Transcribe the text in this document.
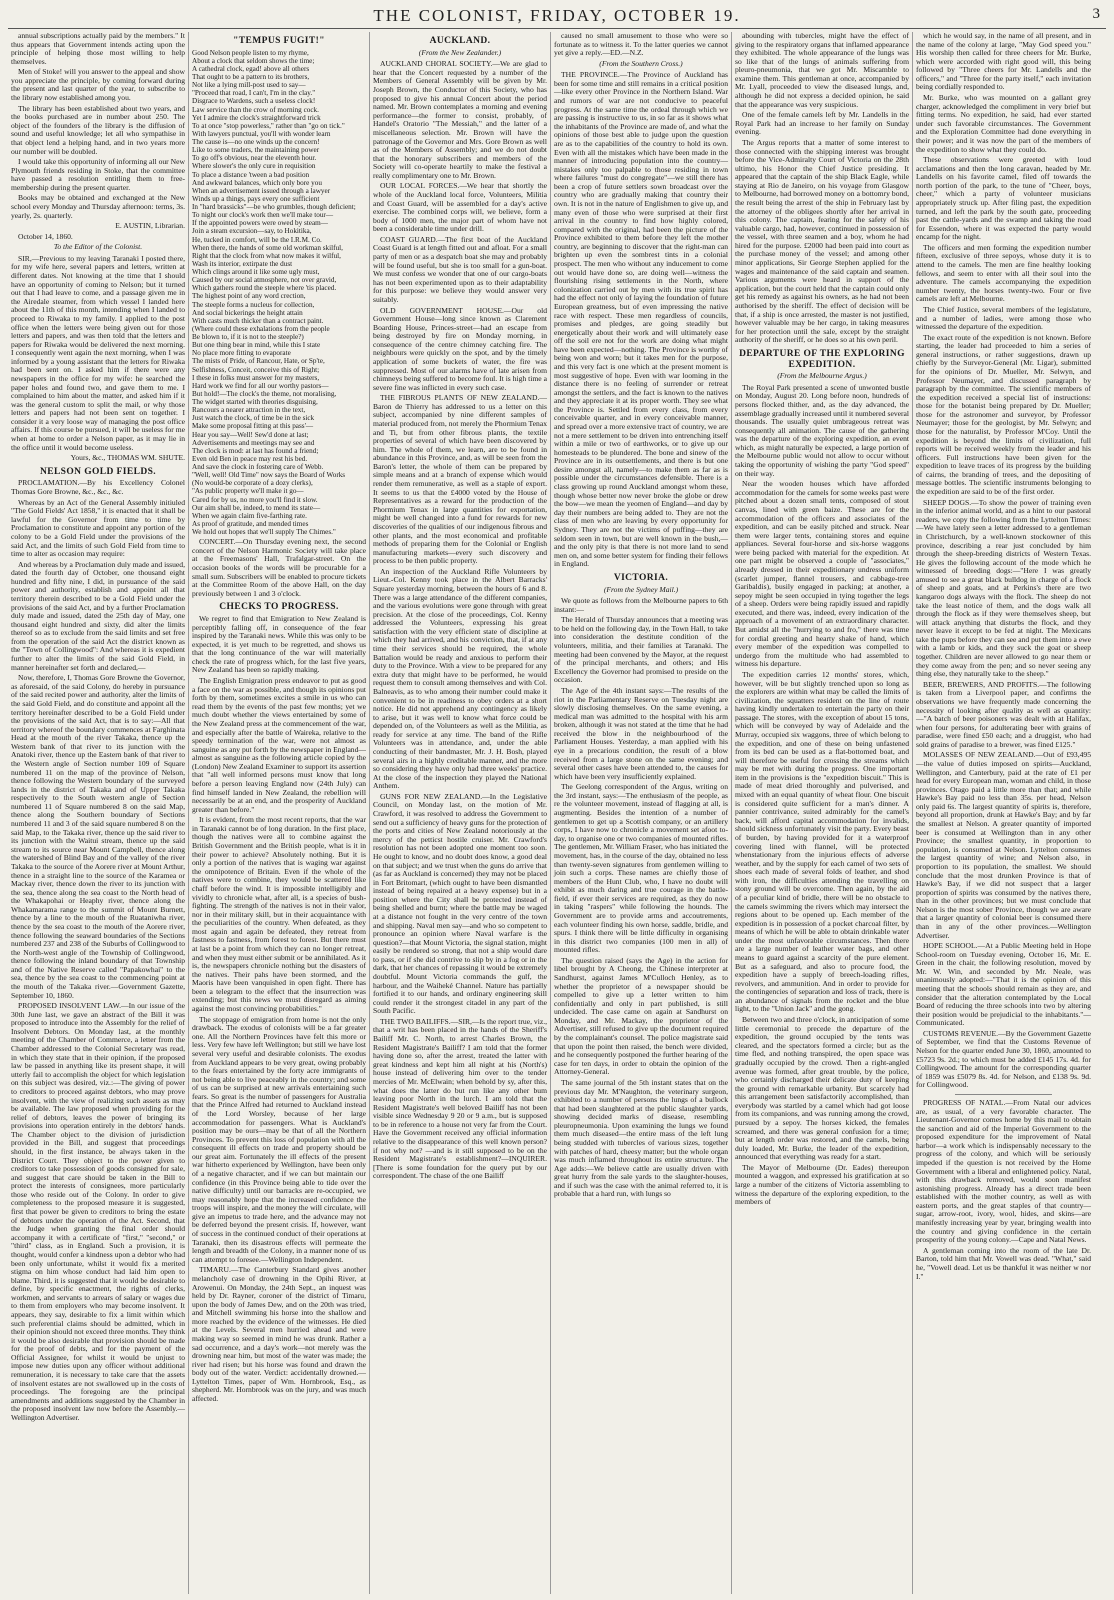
THE COLONIST, FRIDAY, OCTOBER 19.	3

annual subscriptions actually paid by the members." It thus appears that Government intends acting upon the principle of helping those most willing to help themselves.

Men of Stoke! will you answer to the appeal and show you appreciate the principle, by coming forward during the present and last quarter of the year, to subscribe to the library now established among you.

The library has been established about two years, and the books purchased are in number about 250. The object of the founders of the library is the diffusion of sound and useful knowledge; let all who sympathise in that object lend a helping hand, and in two years more our number will be doubled.

I would take this opportunity of informing all our New Plymouth friends residing in Stoke, that the committee have passed a resolution entitling them to free-membership during the present quarter.

Books may be obtained and exchanged at the New school every Monday and Thursday afternoon: terms, 3s. yearly, 2s. quarterly.

E. AUSTIN, Librarian.

October 14, 1860.

To the Editor of the Colonist.

SIR,—Previous to my leaving Taranaki I posted there, for my wife here, several papers and letters, written at different dates. Not knowing at the time that I should have an opportunity of coming to Nelson; but it turned out that I had leave to come, and a passage given me in the Airedale steamer, from which vessel I landed here about the 11th of this month, intending when I landed to proceed to Riwaka to my family. I applied to the post office when the letters were being given out for those letters and papers, and was then told that the letters and papers for Riwaka would be delivered the next morning. I consequently went again the next morning, when I was informed by a young assistant that the letters for Riwaka had been sent on. I asked him if there were any newspapers in the office for my wife: he searched the paper holes and found two, and gave them to me. I complained to him about the matter, and asked him if it was the general custom to split the mail, or why those letters and papers had not been sent on together. I consider it a very loose way of managing the post office affairs. If this course be pursued, it will be useless for me when at home to order a Nelson paper, as it may lie in the office until it would become useless.

Yours, &c., THOMAS WM. SHUTE.

NELSON GOLD FIELDS.

PROCLAMATION.—By his Excellency Colonel Thomas Gore Browne, &c., &c., &c.

Whereas by an Act of the General Assembly initiuled "The Gold Fields' Act 1858," it is enacted that it shall be lawful for the Governor from time to time by Proclamation to constitute and appoint any portion of the colony to be a Gold Field under the provisions of the said Act, and the limits of such Gold Field from time to time to alter as occasion may require:

And whereas by a Proclamation duly made and issued, dated the fourth day of October, one thousand eight hundred and fifty nine, I did, in pursuance of the said power and authority, establish and appoint all that territory therein described to be a Gold Field under the provisions of the said Act, and by a further Proclamation duly made and issued, dated the 25th day of May, one thousand eight hundred and sixty, did alter the limits thereof so as to exclude from the said limits and set free from the operation of the said Act the district known as the "Town of Collingwood": And whereas it is expedient further to alter the limits of the said Gold Field, in manner hereinafter set forth and declared,—

Now, therefore, I, Thomas Gore Browne the Governor, as aforesaid, of the said Colony, do hereby in pursuance of the said recited power and authority, alter the limits of the said Gold Field, and do constitute and appoint all the territory hereinafter described to be a Gold Field under the provisions of the said Act, that is to say:—All that territory whereof the boundary commences at Farghinata Head at the mouth of the river Takaka, thence up the Western bank of that river to its junction with the Anatoki river, thence up the Eastern bank of that river to the Western angle of Section number 109 of Square numbered 11 on the map of the province of Nelson, thence following the Western boundary of the surveyed lands in the district of Takaka and of Upper Takaka respectively to the South western angle of Section numbered 11 of Square numbered 8 on the said Map, thence along the Southern boundary of Sections numbered 11 and 3 of the said square numbered 8 on the said Map, to the Takaka river, thence up the said river to its junction with the Waitui stream, thence up the said stream to its source near Mount Campbell, thence along the watershed of Blind Bay and of the valley of the river Takaka to the source of the Aorere river at Mount Arthur, thence in a straight line to the source of the Karamea or Mackay river, thence down the river to its junction with the sea, thence along the sea coast to the North head of the Whakapohai or Heaphy river, thence along the Whakamarama range to the summit of Mount Burnett, thence by a line to the mouth of the Ruataniwha river, thence by the sea coast to the mouth of the Aorere river, thence following the seaward boundaries of the Sections numbered 237 and 238 of the Suburbs of Collingwood to the North-west angle of the Township of Collingwood, thence following the inland boundary of that Township and of the Native Reserve called "Papakowhai" to the sea, thence by the sea coast to the commencing point at the mouth of the Takaka river.—Government Gazette, September 10, 1860.

PROPOSED INSOLVENT LAW.—In our issue of the 30th June last, we gave an abstract of the Bill it was proposed to introduce into the Assembly for the relief of Insolvent Debtors. On Monday last, at the monthly meeting of the Chamber of Commerce, a letter from the Chamber addressed to the Colonial Secretary was read, in which they state that in their opinion, if the proposed law be passed in anything like its present shape, it will utterly fail to accomplish the object for which legislation on this subject was desired, viz.:—The giving of power to creditors to proceed against debtors, who may prove insolvent, with the view of realizing such assets as may be available. The law proposed when providing for the relief of debtors, leaves the power of bringing its provisions into operation entirely in the debtors' hands. The Chamber object to the division of jurisdiction provided in the Bill, and suggest that proceedings should, in the first instance, be always taken in the District Court. They object to the power given to creditors to take possession of goods consigned for sale, and suggest that care should be taken in the Bill to protect the interests of consignees, more particularly those who reside out of the Colony. In order to give completeness to the proposed measure it is suggested, first that power be given to creditors to bring the estate of debtors under the operation of the Act. Second, that the Judge when granting the final order should accompany it with a certificate of "first," "second," or "third" class, as in England. Such a provision, it is thought, would confer a kindness upon a debtor who had been only unfortunate, whilst it would fix a merited stigma on him whose conduct had laid him open to blame. Third, it is suggested that it would be desirable to define, by specific enactment, the rights of clerks, workmen, and servants to arrears of salary or wages due to them from employers who may become insolvent. It appears, they say, desirable to fix a limit within which such preferential claims should be admitted, which in their opinion should not exceed three months. They think it would be also desirable that provision should be made for the proof of debts, and for the payment of the Official Assignee, for whilst it would be unjust to impose new duties upon any officer without additional remuneration, it is necessary to take care that the assets of insolvent estates are not swallowed up in the costs of proceedings. The foregoing are the principal amendments and additions suggested by the Chamber in the proposed insolvent law now before the Assembly.—Wellington Advertiser.

"TEMPUS FUGIT!"

Good Nelson people listen to my rhyme,
About a clock that seldom shows the time;
A cathedral clock, egad! above all others
That ought to be a pattern to its brothers,
Not like a lying mill-post used to say—
"Proceed that road, I can't, I'm in the clay."
Disgrace to Wardens, such a useless clock!
Law service than the crow of morning cock.
Yet I admire the clock's straightforward trick
To at once "stop powerless," rather than "go on tick."
With lawyers punctual, you'll with wonder learn
The cause is—no one winds up the concern!
Like to some traders, the maintaining power
To go off's obvious, near the eleventh hour.
Where slower's the only cure in requisition
To place a distance 'tween a bad position
And awkward balances, which only bore you
When an advertisement issued through a lawyer
Winds up a things, pays every one sufficient
In "hard brassicks"—be who grumbles, though deficient;
To night our clock's work then we'll make tour—
If the appointed powers were owed by steam—
Join a steam excursion—say, to Hokitika,
He, tucked in comfort, will be the I.R.M. Co.
When there, the hands of some old workman skilful,
Right that the clock from what now makes it wilful,
Wash its interior, extirpate the dust
Which clings around it like some ugly must,
Caused by our social atmosphere, not over gravid,
Which gathers round the steeple where 'tis placed.
The highest point of any word crection,
The steeple forms a nucleus for collection,
And social bickerings the height attain
With casts much thicker than a contract paint.
(Where could these exhalations from the people
Be blown to, if it is not to the steeple?)
But one thing bear in mind, while this I state
No place more fitting to evaporate
The mists of Pride, of Rancour, Hate, or Sp'te,
Selfishness, Conceit, conceive this of Right;
I these in folks must answer for my masters,
Hard work we find for all our worthy pastors—
But hold!—The clock's the theme, not moralising,
The widget started with theories disguising,
Rancours a nearer attraction in the text,
Just watch the clock, of time be in the sick
Make some proposal fitting at this pass'—
Hear you say—Well! Sew'd done at last;
Advertisements and meetings may see and
The clock is mod: at last has found a friend;
Even old Ben in peace may rest his bed.
And save the clock in fostering care of Webb.
"Well, well! Old Time" now says the Board of Works
(No would-be corporate of a dozy clerks),
"As public property we'll make it go—
Cared for by us, no more you'll find it slow.
Our aim shall be, indeed, to mend its state—
When we again claim five-farthing rate.
As proof of gratitude, and mended times
We hold out hopes that we'll supply The Chimes."

CONCERT.—On Thursday evening next, the second concert of the Nelson Harmonic Society will take place at the Freemasons' Hall, Trafalgar-street. On the occasion books of the words will be procurable for a small sum. Subscribers will be enabled to procure tickets at the Committee Room of the above Hall, on the day previously between 1 and 3 o'clock.

CHECKS TO PROGRESS.

We regret to find that Emigration to New Zealand is perceptibly falling off, in consequence of the fear inspired by the Taranaki news. While this was only to be expected, it is yet much to be regretted, and shows us that the long continuance of the war will materially check the rate of progress which, for the last five years, New Zealand has been so rapidly making.

The English Emigration press endeavor to put as good a face on the war as possible, and though its opinions put forth by them, sometimes excites a smile in us who can read them by the events of the past few months; yet we much doubt whether the views entertained by some of the New Zealand press at the commencement of the war, and especially after the battle of Waireka, relative to the speedy termination of the war, were not almost as sanguine as any put forth by the newspaper in England—almost as sanguine as the following article copied by the (London) New Zealand Examiner to support its assertion that "all well informed persons must know that long before a person leaving England now (24th July) can find himself landed in New Zealand, the rebellion will necessarily be at an end, and the prosperity of Auckland greater than before."

It is evident, from the most recent reports, that the war in Taranaki cannot be of long duration. In the first place, though the natives were all to combine against the British Government and the British people, what is it in their power to achieve? Absolutely nothing. But it is only a portion of the natives that is waging war against the omnipotence of Britain. Even if the whole of the natives were to combine, they would be scattered like chaff before the wind. It is impossible intelligibly and vividly to chronicle what, after all, is a species of bush-fighting. The strength of the natives is not in their valor, nor in their military skill, but in their acquaintance with the peculiarities of the country. When defeated, as they most again and again be defeated, they retreat from fastness to fastness, from forest to forest. But there must at last be a point from which they can no longer retreat, and when they must either submit or be annihilated. As it is, the newspapers chronicle nothing but the disasters of the natives. Their pahs have been stormed, and the Maoris have been vanquished in open fight. There has been a telegram to the effect that the insurrection was extending; but this news we must disregard as aiming against the most convincing probabilities."

The stoppage of emigration from home is not the only drawback. The exodus of colonists will be a far greater one. All the Northern Provinces have felt this more or less. Very few have left Wellington; but still we have lost several very useful and desirable colonists. The exodus from Auckland appears to be very great, owing probably to the fears entertained by the forty acre immigrants of not being able to live peaceably in the country; and some of us can be surprised at new arrivals entertaining such fears. So great is the number of passengers for Australia that the Prince Alfred had returned to Auckland instead of the Lord Worsley, because of her large accommodation for passengers. What is Auckland's position may be ours—may be that of all the Northern Provinces. To prevent this loss of population with all the consequent ill effects on trade and property should be our great aim. Fortunately the ill effects of the present war hitherto experienced by Wellington, have been only of a negative character, and if we can but maintain our confidence (in this Province being able to tide over the native difficulty) until our barracks are re-occupied, we may reasonably hope that the increased confidence the troops will inspire, and the money the will circulate, will give an impetus to trade here, and the advance may not be deferred beyond the present crisis. If, however, want of success in the continued conduct of their operations at Taranaki, then its disastrous effects will permeate the length and breadth of the Colony, in a manner none of us can attempt to foresee.—Wellington Independent.

TIMARU.—The Canterbury Standard gives another melancholy case of drowning in the Opihi River, at Arowenui. On Monday, the 24th Sept., an inquest was held by Dr. Rayner, coroner of the district of Timaru, upon the body of James Dew, and on the 20th was tried, and Mitchell swimming his horse into the shallow and more reached by the evidence of the witnesses. He died at the Levels. Several men hurried ahead and were making way so seemed in mind he was drunk. Rather a sad occurrence, and a day's work—not merely was the drowning near him, but most of the water was made; the river had risen; but his horse was found and drawn the body out of the water. Verdict: accidentally drowned.—Lyttelton Times, paper of Wm. Hornbrook, Esq., as shepherd. Mr. Hornbrook was on the jury, and was much affected.

AUCKLAND.
(From the New Zealander.)

AUCKLAND CHORAL SOCIETY.—We are glad to hear that the Concert requested by a number of the Members of General Assembly will be given by Mr. Joseph Brown, the Conductor of this Society, who has proposed to give his annual Concert about the period named. Mr. Brown contemplates a morning and evening performance—the former to consist, probably, of Handel's Oratorio "The Messiah," and the latter of a miscellaneous selection. Mr. Brown will have the patronage of the Governor and Mrs. Gore Brown as well as of the Members of Assembly; and we do not doubt that the honorary subscribers and members of the Society will co-operate heartily to make the festival a really complimentary one to Mr. Brown.

OUR LOCAL FORCES.—We hear that shortly the whole of the Auckland local force, Volunteers, Militia and Coast Guard, will be assembled for a day's active exercise. The combined corps will, we believe, form a body of 1000 men, the major part of whom have not been a considerable time under drill.

COAST GUARD.—The first boat of the Auckland Coast Guard is at length fitted out and afloat. For a small party of men or as a despatch boat she may and probably will be found useful, but she is too small for a gun-boat. We must confess we wonder that one of our cargo-boats has not been experimented upon as to their adaptability for this purpose: we believe they would answer very suitably.

OLD GOVERNMENT HOUSE.—Our old Government House—long since known as Clarement Boarding House, Princes-street—had an escape from being destroyed by fire on Monday morning, in consequence of the centre chimney catching fire. The neighbours were quickly on the spot, and by the timely application of some buckets of water, the fire was suppressed. Most of our alarms have of late arisen from chimneys being suffered to become foul. It is high time a severe fine was inflicted in every such case.

THE FIBROUS PLANTS OF NEW ZEALAND.—Baron de Thierry has addressed to us a letter on this subject, accompanied by nine different samples of material produced from, not merely the Phormium Tenax and Ti, but from other fibrous plants, the textile properties of several of which have been discovered by him. The whole of them, we learn, are to be found in abundance in this Province, and, as will be seen from the Baron's letter, the whole of them can be prepared by simple means and at a branch of expense which would render them remunerative, as well as a staple of export. It seems to us that the £4000 voted by the House of Representatives as a reward for the production of the Phormium Tenax in large quantities for exportation, might be well changed into a fund for rewards for new discoveries of the qualities of our indigenous fibrous and other plants, and the most economical and profitable methods of preparing them for the Colonial or English manufacturing markets—every such discovery and process to be then public property.

An inspection of the Auckland Rifle Volunteers by Lieut.-Col. Kenny took place in the Albert Barracks' Square yesterday morning, between the hours of 6 and 8. There was a large attendance of the different companies, and the various evolutions were gone through with great precision. At the close of the proceedings, Col. Kenny addressed the Volunteers, expressing his great satisfaction with the very efficient state of discipline at which they had arrived, and his conviction, that, if at any time their services should be required, the whole Battalion would be ready and anxious to perform their duty to the Province. With a view to be prepared for any extra duty that might have to be performed, he would request them to consult among themselves and with Col. Balneavis, as to who among their number could make it convenient to be in readiness to obey orders at a short notice. He did not apprehend any contingency as likely to arise, but it was well to know what force could be depended on, of the Volunteers as well as the Militia, as ready for service at any time. The band of the Rifle Volunteers was in attendance, and, under the able conducting of their bandmaster, Mr. J. H. Bosh, played several airs in a highly creditable manner, and the more so considering they have only had three weeks' practice. At the close of the inspection they played the National Anthem.

GUNS FOR NEW ZEALAND.—In the Legislative Council, on Monday last, on the motion of Mr. Crawford, it was resolved to address the Government to send out a sufficiency of heavy guns for the protection of the ports and cities of New Zealand notoriously at the mercy of the petticst hostile cruiser. Mr. Crawford's resolution has not been adopted one moment too soon. He ought to know, and no doubt does know, a good deal on that subject; and we trust when the guns do arrive that (as far as Auckland is concerned) they may not be placed in Fort Britomart, (which ought to have been dismantled instead of being repaired at a heavy expense) but in a position where the City shall be protected instead of being shelled and burnt; where the battle may be waged at a distance not fought in the very centre of the town and shipping. Naval men say—and who so competent to pronounce an opinion where Naval warfare is the question?—that Mount Victoria, the signal station, might easily be rendered so strong, that not a ship would dare to pass, or if she did contrive to slip by in a fog or in the dark, that her chances of repassing it would be extremely doubtful. Mount Victoria commands the gulf, the harbour, and the Waiheké Channel. Nature has partially fortified it to our hands, and ordinary engineering skill could render it the strongest citadel in any part of the South Pacific.

THE TWO BAILIFFS.—SIR,—Is the report true, viz., that a writ has been placed in the hands of the Sheriff's Bailiff Mr. C. North, to arrest Charles Brown, the Resident Magistrate's Bailiff? I am told that the former having done so, after the arrest, treated the latter with great kindness and kept him all night at his (North's) house instead of delivering him over to the tender mercies of Mr. McElwain; when behold by sy, after this, what does the latter do but run like any other bum leaving poor North in the lurch. I am told that the Resident Magistrate's well beloved Bailiff has not been visible since Wednesday 9 20 or 9 a.m., but is supposed to be in reference to a house not very far from the Court. Have the Government received any official information relative to the disappearance of this well known person? if not why not? —and is it still supposed to be on the Resident Magistrate's establishment?—INQUIRER. [There is some foundation for the query put by our correspondent. The chase of the one Bailiff

caused no small amusement to those who were so fortunate as to witness it. To the latter queries we cannot yet give a reply.—ED.—N.Z.

(From the Southern Cross.)

THE PROVINCE.—The Province of Auckland has been for some time and still remains in a critical position—like every other Province in the Northern Island. War and rumors of war are not conducive to peaceful progress. At the same time the ordeal through which we are passing is instructive to us, in so far as it shows what the inhabitants of the Province are made of, and what the opinions of those best able to judge upon the question are as to the capabilities of the country to hold its own. Even with all the mistakes which have been made in the manner of introducing population into the country—mistakes only too palpable to those residing in town where failures "must do congregate"—we still there has been a crop of future settlers sown broadcast over the country who are gradually making that country their own. It is not in the nature of Englishmen to give up, and many even of those who were surprised at their first arrival in the country to find how highly colored, compared with the original, had been the picture of the Province exhibited to them before they left the mother country, are beginning to discover that the right-man can brighten up even the sombrest tints in a colonial prospect. The men who without any inducement to come out would have done so, are doing well—witness the flourishing rising settlements in the North, where colonization carried out by men with its true spirit has had the effect not only of laying the foundation of future European greatness, but of even impressing the native race with respect. These men regardless of councils, promises and pledges, are going steadily but energetically about their work and will ultimately ease off the soil ere not for the work are doing what might have been expected—nothing. The Province is worthy of being won and worn; but it takes men for the purpose, and this very fact is one which at the present moment is most suggestive of hope. Even with war looming in the distance there is no feeling of surrender or retreat amongst the settlers, and the fact is known to the natives and they appreciate it at its proper worth. They see what the Province is. Settled from every class, from every conceivable quarter, and in every conceivable manner, and spread over a more extensive tract of country, we are not a mere settlement to be driven into entrenching itself within a mile or two of earthworks, or to give up our homesteads to be plundered. The bone and sinew of the Province are in its outsettlements, and there is but one desire amongst all, namely—to make them as far as is possible under the circumstances defensible. There is a class growing up round Auckland amongst whom these, though whose better now never broke the globe or drew the bow—we mean the yeomen of England—and day by day their numbers are being added to. They are not the class of men who are leaving by every opportunity for Sydney. They are not the victims of puffing—they are seldom seen in town, but are well known in the bush,—and the only pity is that there is not more land to send men on, and some better system for finding their fellows in England.

VICTORIA.
(From the Sydney Mail.)

We quote as follows from the Melbourne papers to 6th instant:—

The Herald of Thursday announces that a meeting was to be held on the following day, in the Town Hall, to take into consideration the destitute condition of the volunteers, militia, and their families at Taranaki. The meeting had been convened by the Mayor, at the request of the principal merchants, and others; and His Excellency the Governor had promised to preside on the occasion.

The Age of the 4th instant says:—The results of the riot in the Parliamentary Reserve on Tuesday night are slowly disclosing themselves. On the same evening, a medical man was admitted to the hospital with his arm broken, although it was not stated at the time that he had received the blow in the neighbourhood of the Parliament Houses. Yesterday, a man applied with his eye in a precarious condition, the result of a blow received from a large stone on the same evening; and several other cases have been attended to, the causes for which have been very insufficiently explained.

The Geelong correspondent of the Argus, writing on the 3rd instant, says:—The enthusiasm of the people, as re the volunteer movement, instead of flagging at all, is augmenting. Besides the intention of a number of gentlemen to get up a Scottish company, or an artillery corps, I have now to chronicle a movement set afoot to-day, to organise one or two companies of mounted rifles. The gentlemen, Mr. William Fraser, who has initiated the movement, has, in the course of the day, obtained no less than twenty-seven signatures from gentlemen willing to join such a corps. These names are chiefly those of members of the Hunt Club, who, I have no doubt will exhibit as much daring and true courage in the battle-field, if ever their services are required, as they do now in taking "raspers" while following the hounds. The Government are to provide arms and accoutrements, each volunteer finding his own horse, saddle, bridle, and spurs. I think there will be little difficulty in organising in this district two companies (100 men in all) of mounted rifles.

The question raised (says the Age) in the action for libel brought by A Cheong, the Chinese interpreter at Sandhurst, against James M'Culloch Henley, as to whether the proprietor of a newspaper should be compelled to give up a letter written to him confidentially and only in part published, is still undecided. The case came on again at Sandhurst on Monday, and Mr. Mackay, the proprietor of the Advertiser, still refused to give up the document required by the complainant's counsel. The police magistrate said that upon the point then raised, the bench were divided, and he consequently postponed the further hearing of the case for ten days, in order to obtain the opinion of the Attorney-General.

The same journal of the 5th instant states that on the previous day Mr. M'Naughton, the veterinary surgeon, exhibited to a number of persons the lungs of a bullock that had been slaughtered at the public slaughter yards, showing decided marks of disease, resembling pleuropneumonia. Upon examining the lungs we found them much diseased—the entire mass of the left lung being studded with tubercles of various sizes, together with patches of hard, cheesy matter; but the whole organ was much inflamed throughout its entire structure. The Age adds:—We believe cattle are usually driven with great hurry from the sale yards to the slaughter-houses, and if such was the case with the animal referred to, it is probable that a hard run, with lungs so

abounding with tubercles, might have the effect of giving to the respiratory organs that inflamed appearance they exhibited. The whole appearance of the lungs was so like that of the lungs of animals suffering from pleuro-pneumonia, that we got Mr. Miscamble to examine them. This gentleman at once, accompanied by Mr. Lyall, proceeded to view the diseased lungs, and, although he did not express a decided opinion, he said that the appearance was very suspicious.

One of the female camels left by Mr. Landells in the Royal Park had an increase to her family on Sunday evening.

The Argus reports that a matter of some interest to those connected with the shipping interest was brought before the Vice-Admiralty Court of Victoria on the 28th ultimo, his Honor the Chief Justice presiding. It appeared that the captain of the ship Black Eagle, while staying at Rio de Janeiro, on his voyage from Glasgow to Melbourne, had borrowed money on a bottomry bond, the result being the arrest of the ship in February last by the attorney of the obligees shortly after her arrival in this colony. The captain, fearing for the safety of his valuable cargo, had, however, continued in possession of the vessel, with three seamen and a boy, whom he had hired for the purpose. £2000 had been paid into court as the purchase money of the vessel; and among other minor applications, Sir George Stephen applied for the wages and maintenance of the said captain and seamen. Various arguments were heard in support of the application, but the court held that the captain could only get his remedy as against his owners, as he had not been authorised by the sheriff. The effect of decision will be that, if a ship is once arrested, the master is not justified, however valuable may be her cargo, in taking measures for her protection until the sale, except by the straight authority of the sheriff, or he does so at his own peril.

DEPARTURE OF THE EXPLORING EXPEDITION.
(From the Melbourne Argus.)

The Royal Park presented a scene of unwonted bustle on Monday, August 20. Long before noon, hundreds of persons flocked thither, and, as the day advanced, the assemblage gradually increased until it numbered several thousands. The usually quiet umbrageous retreat was consequently all animation. The cause of the gathering was the departure of the exploring expedition, an event which, as might naturally be expected, a large portion of the Melbourne public would not allow to occur without taking the opportunity of wishing the party "God speed" on their way.

Near the wooden houses which have afforded accommodation for the camels for some weeks past were pitched about a dozen small tents, composed of stout canvas, lined with green baize. These are for the accommodation of the officers and associates of the expedition, and can be easily pitched and struck. Near them were larger tents, containing stores and equine appliances. Several four-horse and six-horse waggons were being packed with material for the expedition. At one part might be observed a couple of "associates," already dressed in their expeditionary undress uniform (scarlet jumper, flannel trousers, and cabbage-tree Garibaldis), busily engaged in packing; at another, a sepoy might be seen occupied in tying together the legs of a sheep. Orders were being rapidly issued and rapidly executed, and there was, indeed, every indication of the approach of a movement of an extraordinary character. But amidst all the "hurrying to and fro," there was time for cordial greeting and hearty shake of hand, which every member of the expedition was compelled to undergo from the multitude who had assembled to witness his departure.

The expedition carries 12 months' stores, which, however, will be but slightly trenched upon so long as the explorers are within what may be called the limits of civilization, the squatters resident on the line of route having kindly undertaken to entertain the party on their passage. The stores, with the exception of about 15 tons, which will be conveyed by way of Adelaide and the Murray, occupied six waggons, three of which belong to the expedition, and one of these on being unfastened from its bed can be used as a flat-bottomed boat, and will therefore be useful for crossing the streams which may be met with during the progress. One important item in the provisions is the "expedition biscuit." This is made of meat dried thoroughly and pulverised, and mixed with an equal quantity of wheat flour. One biscuit is considered quite sufficient for a man's dinner. A pannier contrivance, suited admirably for the camel's back, will afford capital accommodation for invalids, should sickness unfortunately visit the party. Every beast of burden, by having provided for it a waterproof covering lined with flannel, will be protected whenstationary from the injurious effects of adverse weather, and by the supply for each camel of two sets of shoes each made of several folds of leather, and shod with iron, the difficulties attending the travelling on stony ground will be overcome. Then again, by the aid of a peculiar kind of bridle, there will be no obstacle to the camels swimming the rivers which may intersect the regions about to be opened up. Each member of the expedition is in possession of a pocket charcoal filter, by means of which he will be able to obtain drinkable water under the most unfavorable circumstances. Then there are a large number of leather water bags, and other means to guard against a scarcity of the pure element. But as a safeguard, and also to procure food, the expedition have a supply of breech-loading rifles, revolvers, and ammunition. And in order to provide for the contingencies of separation and loss of track, there is an abundance of signals from the rocket and the blue light, to the "Union Jack" and the gong.

Between two and three o'clock, in anticipation of some little ceremonial to precede the departure of the expedition, the ground occupied by the tents was cleared, and the spectators formed a circle; but as the time fled, and nothing transpired, the open space was gradually occupied by the crowd. Then a right-angled avenue was formed, after great trouble, by the police, who certainly discharged their delicate duty of keeping the ground with remarkable urbanity. But scarcely had this arrangement been satisfactorily accomplished, than everybody was startled by a camel which had got loose from its companions, and was running among the crowd, pursued by a sepoy. The horses kicked, the females screamed, and there was general confusion for a time; but at length order was restored, and the camels, being duly loaded, Mr. Burke, the leader of the expedition, announced that everything was ready for a start.

The Mayor of Melbourne (Dr. Eades) thereupon mounted a waggon, and expressed his gratification at so large a number of the citizens of Victoria assembling to witness the departure of the exploring expedition, to the members of

which he would say, in the name of all present, and in the name of the colony at large, "May God speed you." His worship then called for three cheers for Mr. Burke, which were accorded with right good will, this being followed by "Three cheers for Mr. Landells and the officers," and "Three for the party itself," each invitation being cordially responded to.

Mr. Burke, who was mounted on a gallant grey charger, acknowledged the compliment in very brief but fitting terms. No expedition, he said, had ever started under such favorable circumstances. The Government and the Exploration Committee had done everything in their power; and it was now the part of the members of the expedition to show what they could do.

These observations were greeted with loud acclamations and then the long caravan, headed by Mr. Landells on his favorite camel, filed off towards the north portion of the park, to the tune of "Cheer, boys, cheer," which a party of volunteer musicians appropriately struck up. After filing past, the expedition turned, and left the park by the south gate, proceeding past the cattle-yards and the swamp and taking the road for Essendon, where it was expected the party would encamp for the night.

The officers and men forming the expedition number fifteen, exclusive of three sepoys, whose duty it is to attend to the camels. The men are fine healthy looking fellows, and seem to enter with all their soul into the adventure. The camels accompanying the expedition number twenty, the horses twenty-two. Four or five camels are left at Melbourne.

The Chief Justice, several members of the legislature, and a number of ladies, were among those who witnessed the departure of the expedition.

The exact route of the expedition is not known. Before starting, the leader had proceeded to him a series of general instructions, or rather suggestions, drawn up chiefly by the Surveyor-General (Mr. Ligar), submitted for the opinions of Dr. Mueller, Mr. Selwyn, and Professor Neumayer, and discussed paragraph by paragraph by the committee. The scientific members of the expedition received a special list of instructions: those for the botanist being prepared by Dr. Mueller; those for the astronomer and surveyor, by Professor Neumayer; those for the geologist, by Mr. Selwyn; and those for the naturalist, by Professor M'Coy. Until the expedition is beyond the limits of civilization, full reports will be received weekly from the leader and his officers. Full instructions have been given for the expedition to leave traces of its progress by the building of cairns, the branding of trees, and the depositing of message bottles. The scientific instruments belonging to the expedition are said to be of the first order.

SHEEP DOGS.—To show the power of training even in the inferior animal world, and as a hint to our pastoral readers, we copy the following from the Lyttelton Times:—We have lately seen a letter addressed to a gentleman in Christchurch, by a well-known stockowner of this province, describing a rear just concluded by him through the sheep-breeding districts of Western Texas. He gives the following account of the mode which he witnessed of breeding dogs:—"Here I was greatly amused to see a great black bulldog in charge of a flock of sheep and goats, and at Perkins's there are two kangaroo dogs always with the flock. The sheep do not take the least notice of them, and the dogs walk all through the flock as if they were themselves sheep, but will attack anything that disturbs the flock, and they never leave it except to be fed at night. The Mexicans take the pups before they can see and put them into a ewe with a lamb or kids, and they suck the goat or sheep together. Children are never allowed to go near them or they come away from the pen; and so never seeing any thing else, they naturally take to the sheep."

BEER, BREWERS, AND PROFITS.—The following is taken from a Liverpool paper, and confirms the observations we have frequently made concerning the necessity of looking after quality as well as quantity:—"A batch of beer poisoners was dealt with at Halifax, when four persons, for adulterating beer with grains of paradise, were fined £50 each; and a druggist, who had sold grains of paradise to a brewer, was fined £125."

MOLASSES OF NEW ZEALAND.—Out of £93,495—the value of duties imposed on spirits—Auckland, Wellington, and Canterbury, paid at the rate of £1 per head for every European man, woman and child, in those provinces. Otago paid a little more than that; and while Hawke's Bay paid no less than 35s. per head, Nelson only paid 6s. The largest quantity of spirits is, therefore, beyond all proportion, drunk at Hawke's Bay; and by far the smallest at Nelson. A greater quantity of imported beer is consumed at Wellington than in any other Province; the smallest quantity, in proportion to population, is consumed at Nelson. Lyttelton consumes the largest quantity of wine; and Nelson also, in proportion to its population, the smallest. We should conclude that the most drunken Province is that of Hawke's Bay, if we did not suspect that a larger proportion of spirits was consumed by the natives there, than in the other provinces; but we must conclude that Nelson is the most sober Province, though we are aware that a larger quantity of colonial beer is consumed there than in any of the other provinces.—Wellington Advertiser.

HOPE SCHOOL.—At a Public Meeting held in Hope School-room on Tuesday evening, October 16, Mr. E. Green in the chair, the following resolution, moved by Mr. W. Win, and seconded by Mr. Neale, was unanimously adopted:—"That it is the opinion of this meeting that the schools should remain as they are, and consider that the alteration contemplated by the Local Board of reducing the three schools into two by altering their position would be prejudicial to the inhabitants."—Communicated.

CUSTOMS REVENUE.—By the Government Gazette of September, we find that the Customs Revenue of Nelson for the quarter ended June 30, 1860, amounted to £5723 9s. 2d.; to which must be added £145 17s. 4d. for Collingwood. The amount for the corresponding quarter of 1859 was £5079 8s. 4d. for Nelson, and £138 9s. 9d. for Collingwood.

PROGRESS OF NATAL.—From Natal our advices are, as usual, of a very favorable character. The Lieutenant-Governor comes home by this mail to obtain the sanction and aid of the Imperial Government to the proposed expenditure for the improvement of Natal harbor—a work which is indispensably necessary to the progress of the colony, and which will be seriously impeded if the question is not received by the Home Government with a liberal and enlightened policy. Natal, with this drawback removed, would soon manifest astonishing progress. Already has a direct trade been established with the mother country, as well as with eastern ports, and the great staples of that country—sugar, arrow-root, ivory, wool, hides, and skins—are manifestly increasing year by year, bringing wealth into the country and giving confidence in the certain prosperity of the young colony.—Cape and Natal News.

A gentleman coming into the room of the late Dr. Barton, told him that Mr. Vowell was dead. "What," said he, "Vowell dead. Let us be thankful it was neither w nor I."
